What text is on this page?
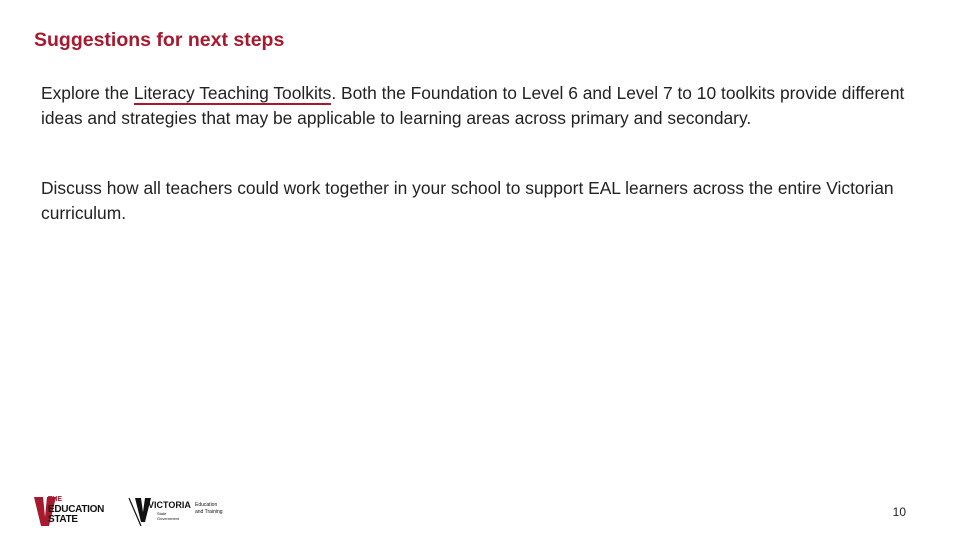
Suggestions for next steps
Explore the Literacy Teaching Toolkits. Both the Foundation to Level 6 and Level 7 to 10 toolkits provide different ideas and strategies that may be applicable to learning areas across primary and secondary.
Discuss how all teachers could work together in your school to support EAL learners across the entire Victorian curriculum.
THE
EDUCATION
STATE
VICTORIA
State
Government
Education
and Training	10
